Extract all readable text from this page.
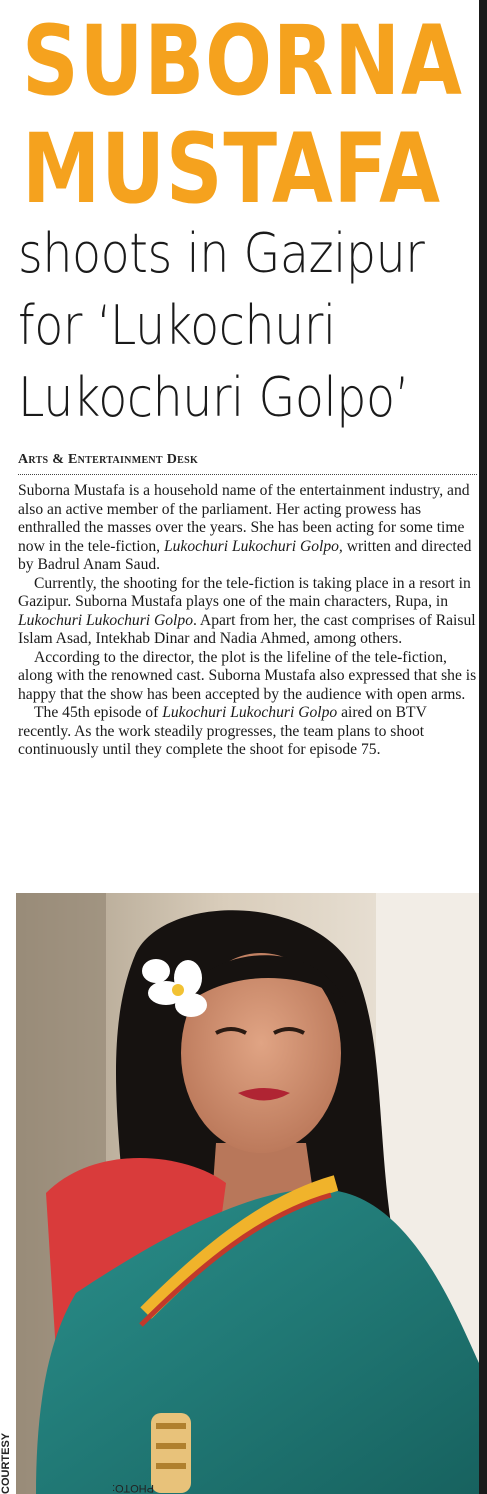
SUBORNA
MUSTAFA
shoots in Gazipur
for ‘Lukochuri
Lukochuri Golpo’
Arts & Entertainment Desk

Suborna Mustafa is a household name of the entertainment industry, and also an active member of the parliament. Her acting prowess has enthralled the masses over the years. She has been acting for some time now in the tele-fiction, Lukochuri Lukochuri Golpo, written and directed by Badrul Anam Saud.

Currently, the shooting for the tele-fiction is taking place in a resort in Gazipur. Suborna Mustafa plays one of the main characters, Rupa, in Lukochuri Lukochuri Golpo. Apart from her, the cast comprises of Raisul Islam Asad, Intekhab Dinar and Nadia Ahmed, among others.

According to the director, the plot is the lifeline of the tele-fiction, along with the renowned cast. Suborna Mustafa also expressed that she is happy that the show has been accepted by the audience with open arms.

The 45th episode of Lukochuri Lukochuri Golpo aired on BTV recently. As the work steadily progresses, the team plans to shoot continuously until they complete the shoot for episode 75.

PHOTO:
COURTESY
